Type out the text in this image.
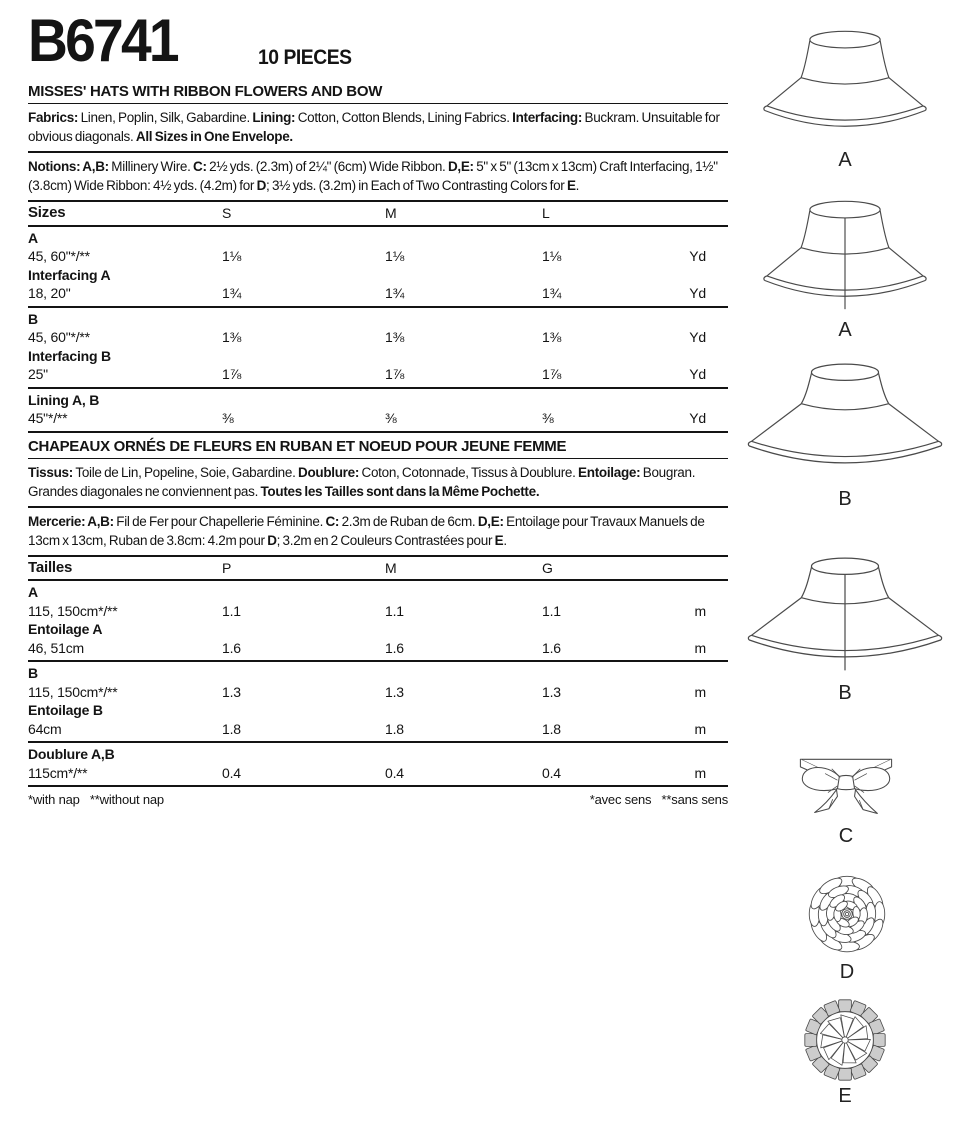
B6741	10 PIECES
MISSES' HATS WITH RIBBON FLOWERS AND BOW
Fabrics: Linen, Poplin, Silk, Gabardine. Lining: Cotton, Cotton Blends, Lining Fabrics. Interfacing: Buckram. Unsuitable for obvious diagonals. All Sizes in One Envelope.
Notions: A,B: Millinery Wire. C: 2½ yds. (2.3m) of 2¼" (6cm) Wide Ribbon. D,E: 5" x 5" (13cm x 13cm) Craft Interfacing, 1½" (3.8cm) Wide Ribbon: 4½ yds. (4.2m) for D; 3½ yds. (3.2m) in Each of Two Contrasting Colors for E.
Sizes	S	M	L
A
45, 60"*/**	1⅛	1⅛	1⅛	Yd
Interfacing A
18, 20"	1¾	1¾	1¾	Yd
B
45, 60"*/**	1⅜	1⅜	1⅜	Yd
Interfacing B
25"	1⅞	1⅞	1⅞	Yd
Lining A, B
45"*/**	⅜	⅜	⅜	Yd
CHAPEAUX ORNÉS DE FLEURS EN RUBAN ET NOEUD POUR JEUNE FEMME
Tissus: Toile de Lin, Popeline, Soie, Gabardine. Doublure: Coton, Cotonnade, Tissus à Doublure. Entoilage: Bougran. Grandes diagonales ne conviennent pas. Toutes les Tailles sont dans la Même Pochette.
Mercerie: A,B: Fil de Fer pour Chapellerie Féminine. C: 2.3m de Ruban de 6cm. D,E: Entoilage pour Travaux Manuels de 13cm x 13cm, Ruban de 3.8cm: 4.2m pour D; 3.2m en 2 Couleurs Contrastées pour E.
Tailles	P	M	G
A
115, 150cm*/**	1.1	1.1	1.1	m
Entoilage A
46, 51cm	1.6	1.6	1.6	m
B
115, 150cm*/**	1.3	1.3	1.3	m
Entoilage B
64cm	1.8	1.8	1.8	m
Doublure A,B
115cm*/**	0.4	0.4	0.4	m
*with nap   **without nap	*avec sens   **sans sens
A
A
B
B
C
D
E
